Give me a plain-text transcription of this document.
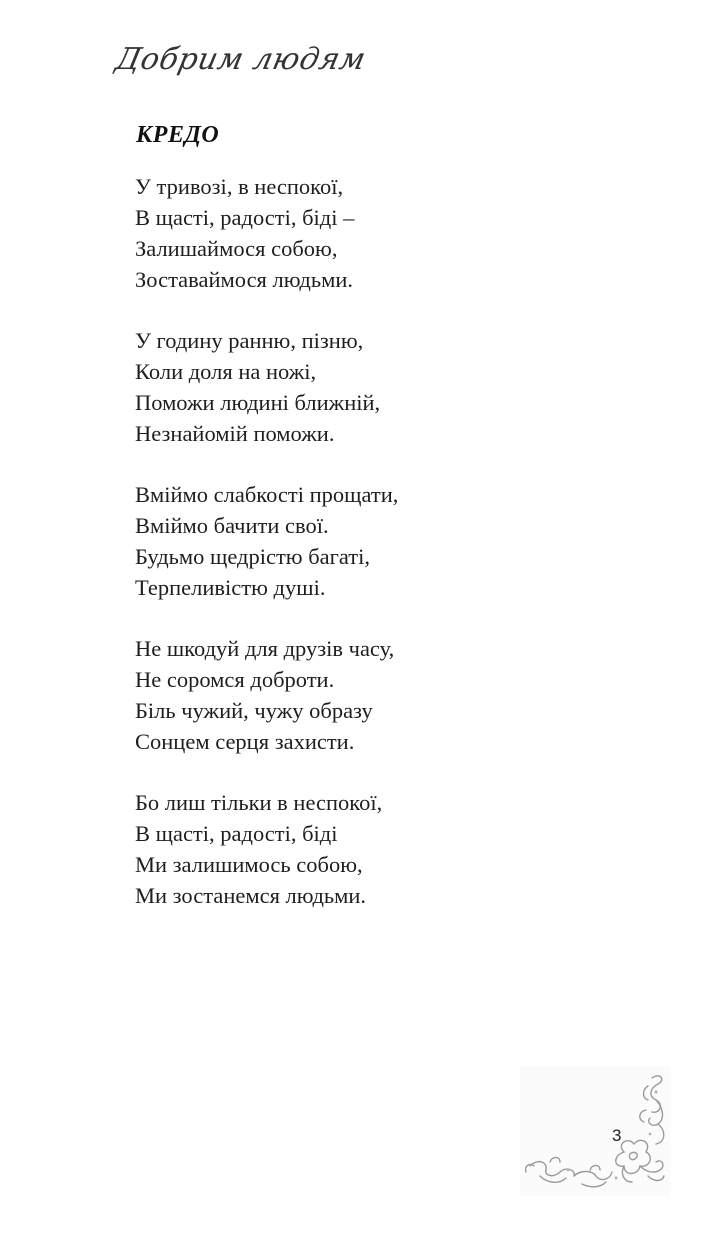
Добрим людям
КРЕДО
У тривозі, в неспокої,
В щасті, радості, біді –
Залишаймося собою,
Зоставаймося людьми.
У годину ранню, пізню,
Коли доля на ножі,
Поможи людині ближній,
Незнайомій поможи.
Вміймо слабкості прощати,
Вміймо бачити свої.
Будьмо щедрістю багаті,
Терпеливістю душі.
Не шкодуй для друзів часу,
Не соромся доброти.
Біль чужий, чужу образу
Сонцем серця захисти.
Бо лиш тільки в неспокої,
В щасті, радості, біді
Ми залишимось собою,
Ми зостанемся людьми.
3
